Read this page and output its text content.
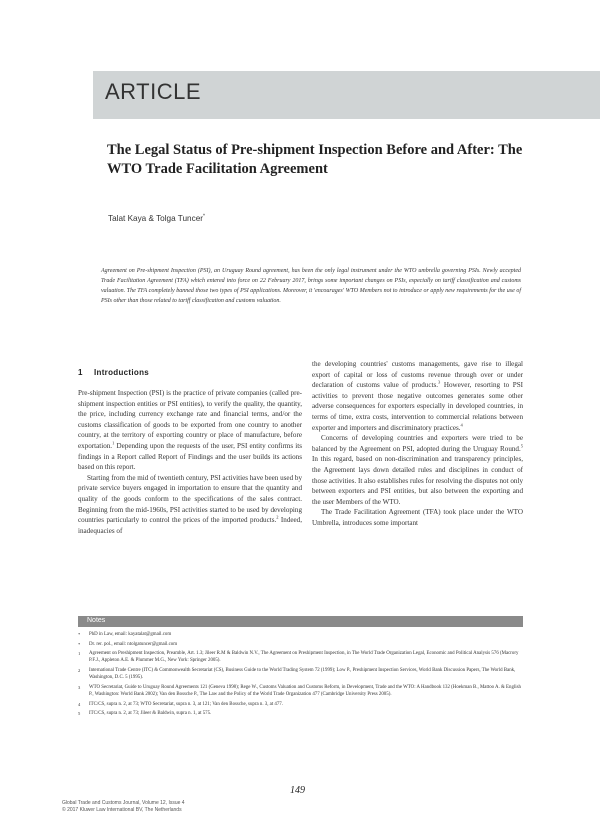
ARTICLE
The Legal Status of Pre-shipment Inspection Before and After: The WTO Trade Facilitation Agreement
Talat Kaya & Tolga Tuncer*

Agreement on Pre-shipment Inspection (PSI), an Uruguay Round agreement, has been the only legal instrument under the WTO umbrella governing PSIs. Newly accepted Trade Facilitation Agreement (TFA) which entered into force on 22 February 2017, brings some important changes on PSIs, especially on tariff classification and customs valuation. The TFA completely banned those two types of PSI applications. Moreover, it 'encourages' WTO Members not to introduce or apply new requirements for the use of PSIs other than those related to tariff classification and customs valuation.

1 Introductions

Pre-shipment Inspection (PSI) is the practice of private companies (called pre-shipment inspection entities or PSI entities), to verify the quality, the quantity, the price, including currency exchange rate and financial terms, and/or the customs classification of goods to be exported from one country to another country, at the territory of exporting country or place of manufacture, before exportation.$^1$ Depending upon the requests of the user, PSI entity confirms its findings in a Report called Report of Findings and the user builds its actions based on this report.

Starting from the mid of twentieth century, PSI activities have been used by private service buyers engaged in importation to ensure that the quantity and quality of the goods conform to the specifications of the sales contract. Beginning from the mid-1960s, PSI activities started to be used by developing countries particularly to control the prices of the imported products.$^2$ Indeed, inadequacies of

the developing countries' customs managements, gave rise to illegal export of capital or loss of customs revenue through over or under declaration of customs value of products.$^3$ However, resorting to PSI activities to prevent those negative outcomes generates some other adverse consequences for exporters especially in developed countries, in terms of time, extra costs, intervention to commercial relations between exporter and importers and discriminatory practices.$^4$

Concerns of developing countries and exporters were tried to be balanced by the Agreement on PSI, adopted during the Uruguay Round.$^5$ In this regard, based on non-discrimination and transparency principles, the Agreement lays down detailed rules and disciplines in conduct of those activities. It also establishes rules for resolving the disputes not only between exporters and PSI entities, but also between the exporting and the user Members of the WTO.

The Trade Facilitation Agreement (TFA) took place under the WTO Umbrella, introduces some important

Notes
* PhD in Law, email: kayatalat@gmail.com
* Dr. rer. pol., email: ntolgatuncer@gmail.com
1 Agreement on Preshipment Inspection, Preamble, Art. 1.3; Jileer R.M & Baldwin N.V., The Agreement on Preshipment Inspection, in The World Trade Organization Legal, Economic and Political Analysis 576 (Macrory P.F.J., Appleton A.E. & Plummer M.G., New York: Springer 2005).
2 International Trade Centre (ITC) & Commonwealth Secretariat (CS), Business Guide to the World Trading System 72 (1999); Low P., Preshipment Inspection Services, World Bank Discussion Papers, The World Bank, Washington, D.C. 5 (1995).
3 WTO Secretariat, Guide to Uruguay Round Agreements 121 (Geneva 1998); Rege W., Customs Valuation and Customs Reform, in Development, Trade and the WTO: A Handbook 132 (Hoekman B., Mattoo A. & English P., Washington: World Bank 2002); Van den Bossche P., The Law and the Policy of the World Trade Organization 477 (Cambridge University Press 2005).
4 ITC/CS, supra n. 2, at 73; WTO Secretariat, supra n. 3, at 121; Van den Bossche, supra n. 3, at 477.
5 ITC/CS, supra n. 2, at 73; Jileer & Baldwin, supra n. 1, at 575.
149
Global Trade and Customs Journal, Volume 12, Issue 4
© 2017 Kluwer Law International BV, The Netherlands
